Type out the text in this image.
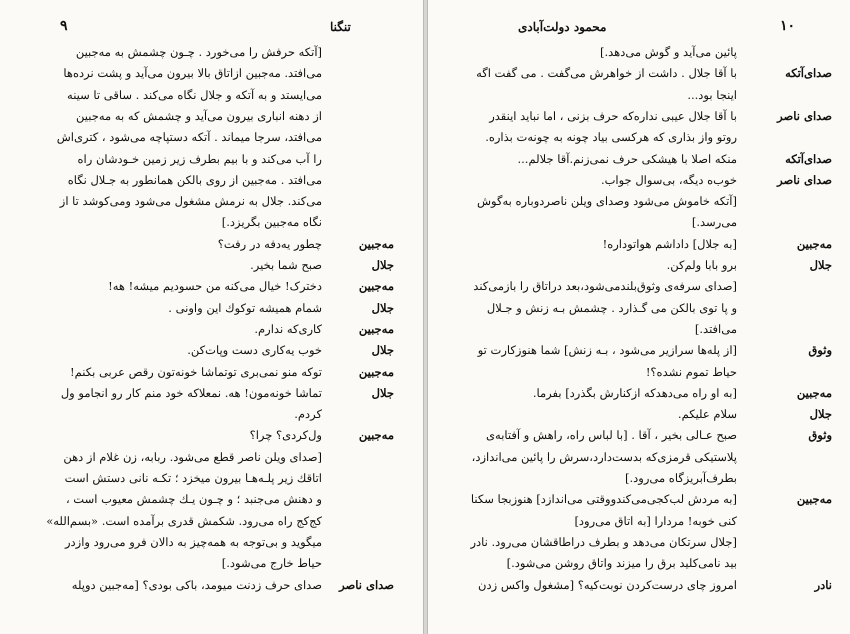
۹	تنگنا
[آتکه حرفش را می‌خورد . چـون چشمش به مه‌جبین
می‌افتد. مه‌جبین ازاتاق بالا بیرون می‌آید و پشت نرده‌ها
می‌ایستد و به آتکه و جلال نگاه می‌کند . ساقی تا سینه
از دهنه انباری بیرون می‌آید و چشمش که به مه‌جبین
می‌افتد، سرجا میماند . آتکه دستپاچه می‌شود ، کتری‌اش
را آب می‌کند و با بیم بطرف زیر زمین خـودشان راه
می‌افتد . مه‌جبین از روی بالکن همانطور به جـلال نگاه
می‌کند. جلال به نرمش مشغول می‌شود ومی‌کوشد تا از
نگاه مه‌جبین بگریزد.]
چطور یه‌دفه در رفت؟	مه‌جبین
صبح شما بخیر.	جلال
دخترک! خیال می‌کنه من حسودیم میشه! هه!	مه‌جبین
شمام همیشه توکوك این واونی .	جلال
کاری‌که ندارم.	مه‌جبین
خوب یه‌کاری دست وپات‌کن.	جلال
توکه منو نمی‌بری توتماشا خونه‌تون رقص عربی بکنم!	مه‌جبین
تماشا خونه‌مون! هه. نمعلاکه خود منم کار رو انجامو ول	جلال
کردم.
ول‌کردی؟ چرا؟	مه‌جبین
[صدای ویلن ناصر قطع می‌شود. ربابه، زن غلام از دهن
اتاقك زیر پلـه‌هـا بیرون میخزد ؛ تکـه نانی دستش است
و دهنش می‌جنبد ؛ و چـون یـك چشمش معیوب است ،
کج‌کج راه می‌رود. شکمش قدری برآمده است. «بسم‌الله»
میگوید و بی‌توجه به همه‌چیز به دالان فرو می‌رود وازدر
حیاط خارج می‌شود.]
صدای حرف زدنت میومد، باکی بودی؟ [مه‌جبین دوپله	صدای ناصر
۱۰
محمود دولت‌آبادی
پائین می‌آید و گوش می‌دهد.]
با آقا جلال . داشت از خواهرش می‌گفت . می گفت اگه	صدای‌آتکه
اینجا بود...
با آقا جلال عیبی نداره‌که حرف بزنی ، اما نباید اینقدر	صدای ناصر
روتو واز بذاری که هرکسی بیاد چونه به چونه‌ت بذاره.
منکه اصلا با هیشکی حرف نمی‌زنم.آقا جلالم...	صدای‌آتکه
خوب‌ه دیگه، بی‌سوال جواب.	صدای ناصر
[آتکه خاموش می‌شود وصدای ویلن ناصردوباره به‌گوش
می‌رسد.]
[به جلال] داداشم هواتوداره!	مه‌جبین
برو بابا ولم‌کن.	جلال
[صدای سرفه‌ی وثوق‌بلندمی‌شود،بعد دراتاق را بازمی‌کند
و پا توی بالکن می گـذارد . چشمش بـه زنش و جـلال
می‌افتد.]
[از پله‌ها سرازیر می‌شود ، بـه زنش] شما هنوزکارت تو	وثوق
حیاط تموم نشده؟!
[به او راه می‌دهدکه ازکنارش بگذرد] بفرما.	مه‌جبین
سلام علیکم.	جلال
صبح عـالی بخیر ، آقا . [با لباس راه، راهش و آفتابه‌ی	وثوق
پلاستیکی قرمزی‌که بدست‌دارد،سرش را پائین می‌اندازد،
بطرف‌آبریزگاه می‌رود.]
[به مردش لب‌کجی‌می‌کندو‌وقتی می‌اندازد] هنوزبجا سکنا	مه‌جبین
کنی خوبه! مردارا [به اتاق می‌رود]
[جلال سرتکان می‌دهد و بطرف دراطاقشان می‌رود. نادر
بید نامی‌کلید برق را میزند واتاق روشن می‌شود.]
امروز چای درست‌کردن نو‌بت‌کیه؟ [مشغول واکس زدن	نادر
